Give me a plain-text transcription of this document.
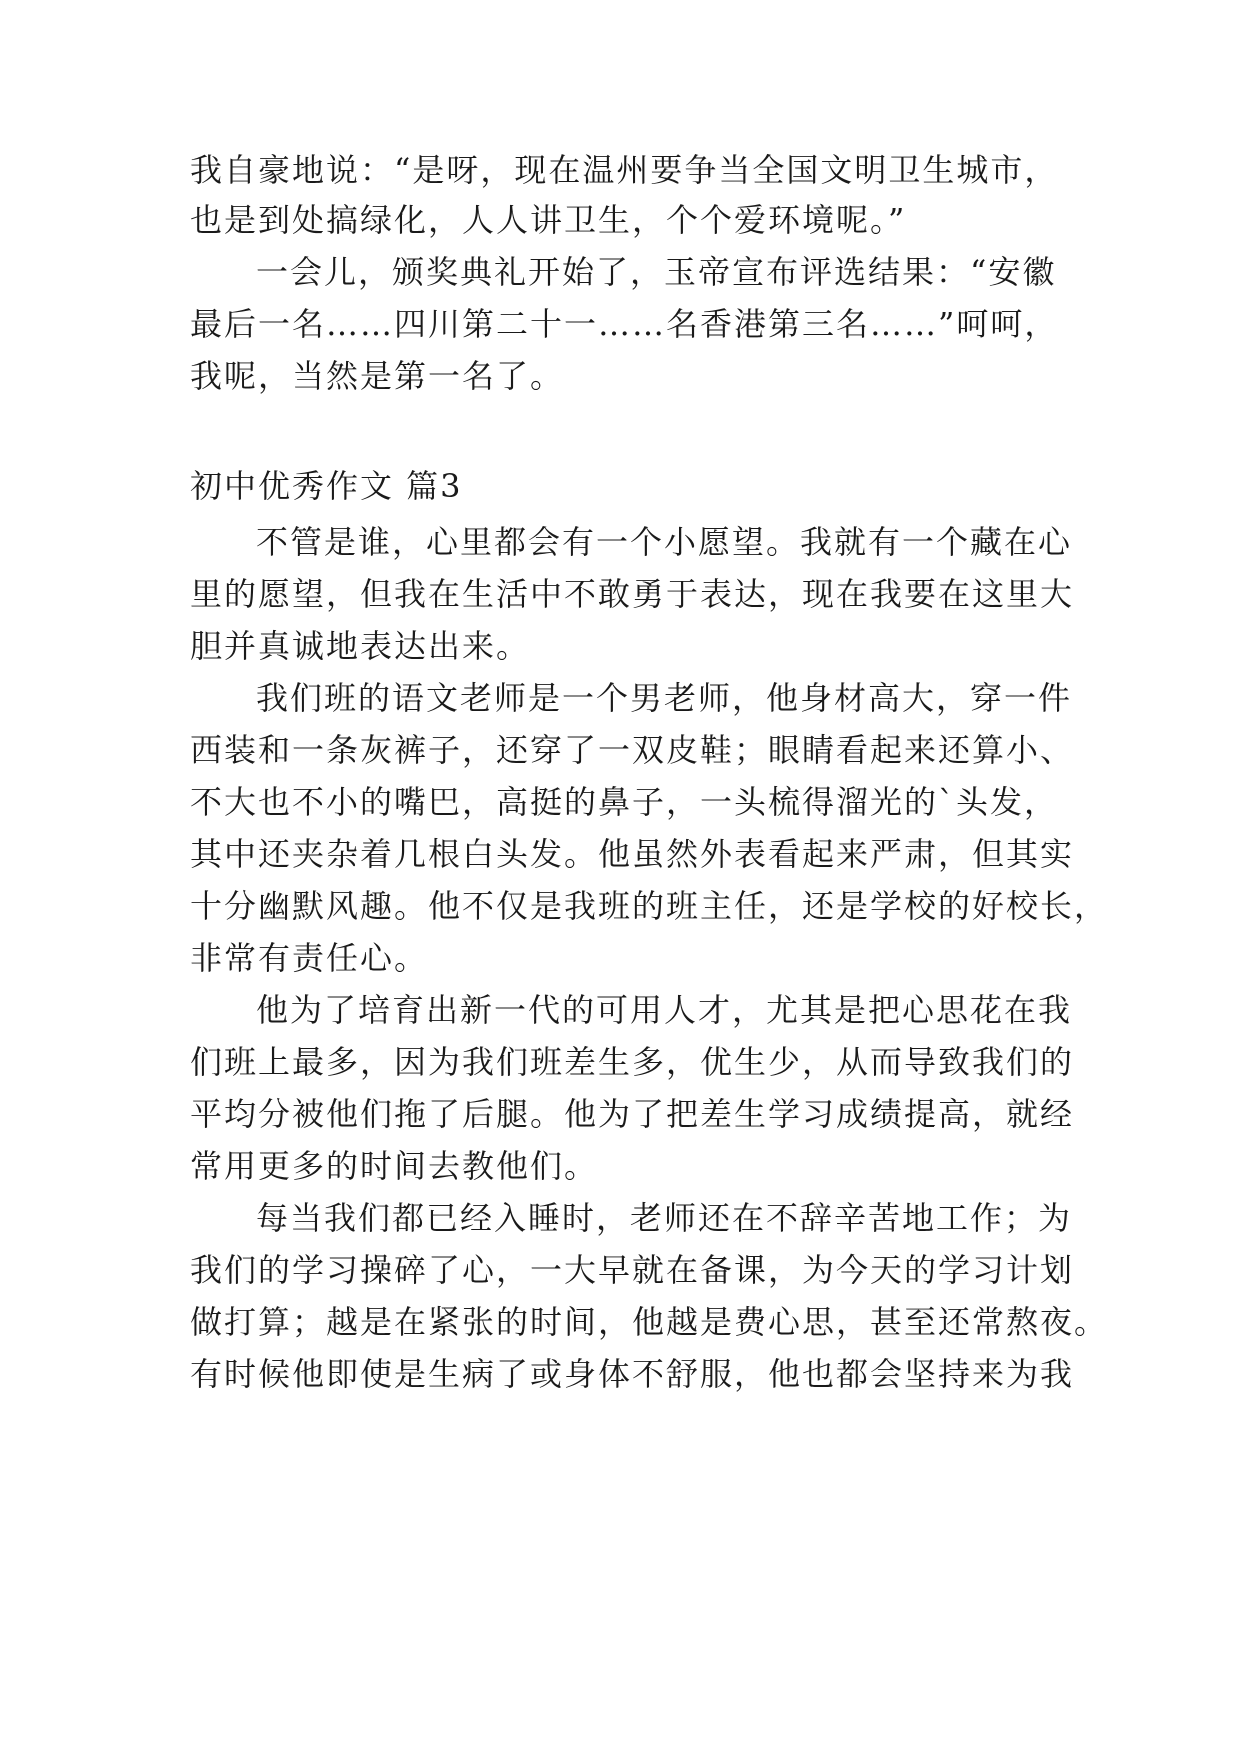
我自豪地说：“是呀，现在温州要争当全国文明卫生城市，
也是到处搞绿化，人人讲卫生，个个爱环境呢。”
一会儿，颁奖典礼开始了，玉帝宣布评选结果：“安徽
最后一名……四川第二十一……名香港第三名……”呵呵，
我呢，当然是第一名了。
初中优秀作文 篇3
不管是谁，心里都会有一个小愿望。我就有一个藏在心
里的愿望，但我在生活中不敢勇于表达，现在我要在这里大
胆并真诚地表达出来。
我们班的语文老师是一个男老师，他身材高大，穿一件
西装和一条灰裤子，还穿了一双皮鞋；眼睛看起来还算小、
不大也不小的嘴巴，高挺的鼻子，一头梳得溜光的`头发，
其中还夹杂着几根白头发。他虽然外表看起来严肃，但其实
十分幽默风趣。他不仅是我班的班主任，还是学校的好校长，
非常有责任心。
他为了培育出新一代的可用人才，尤其是把心思花在我
们班上最多，因为我们班差生多，优生少，从而导致我们的
平均分被他们拖了后腿。他为了把差生学习成绩提高，就经
常用更多的时间去教他们。
每当我们都已经入睡时，老师还在不辞辛苦地工作；为
我们的学习操碎了心，一大早就在备课，为今天的学习计划
做打算；越是在紧张的时间，他越是费心思，甚至还常熬夜。
有时候他即使是生病了或身体不舒服，他也都会坚持来为我
